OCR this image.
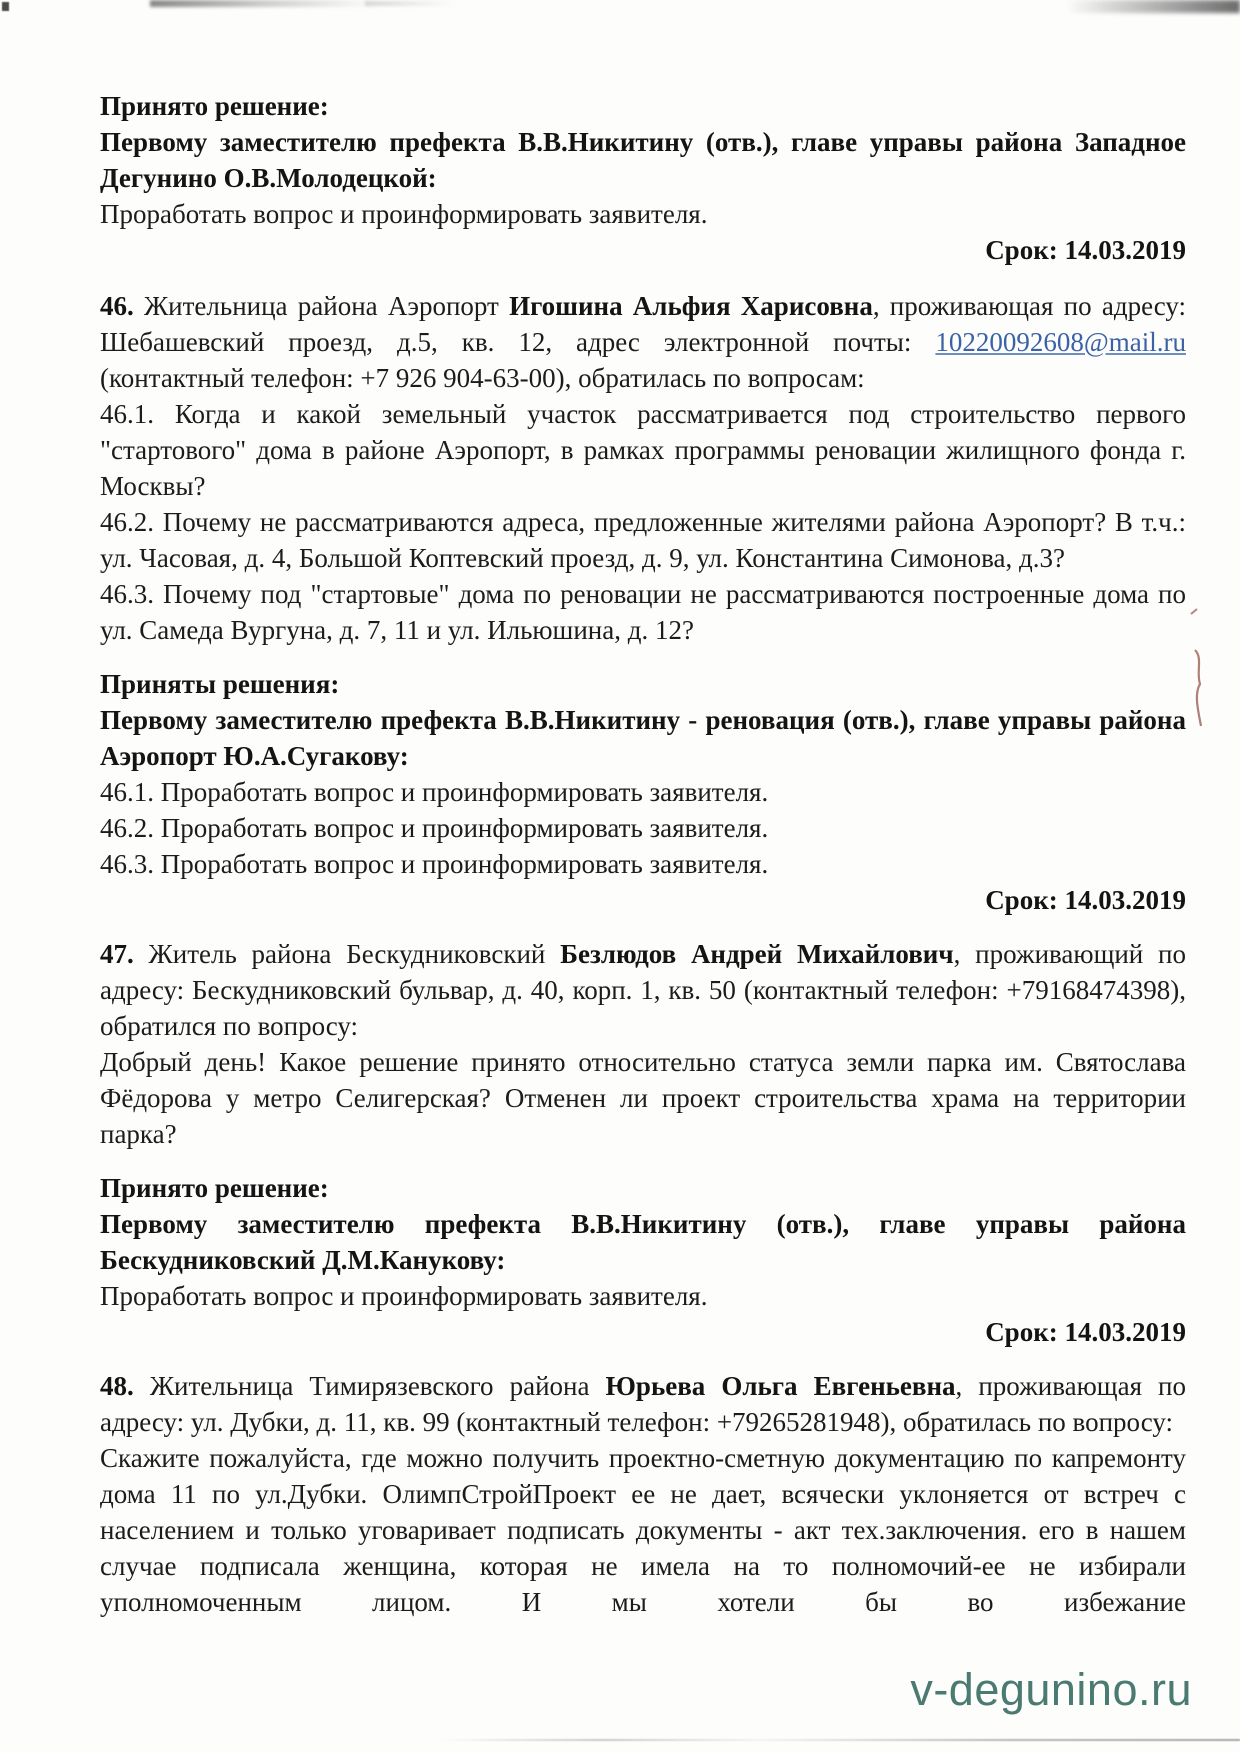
Принято решение:

Первому заместителю префекта В.В.Никитину (отв.), главе управы района Западное Дегунино О.В.Молодецкой:

Проработать вопрос и проинформировать заявителя.

Срок: 14.03.2019

46. Жительница района Аэропорт Игошина Альфия Харисовна, проживающая по адресу: Шебашевский проезд, д.5, кв. 12, адрес электронной почты: 10220092608@mail.ru (контактный телефон: +7 926 904-63-00), обратилась по вопросам:

46.1. Когда и какой земельный участок рассматривается под строительство первого "стартового" дома в районе Аэропорт, в рамках программы реновации жилищного фонда г. Москвы?

46.2. Почему не рассматриваются адреса, предложенные жителями района Аэропорт? В т.ч.: ул. Часовая, д. 4, Большой Коптевский проезд, д. 9, ул. Константина Симонова, д.3?

46.3. Почему под "стартовые" дома по реновации не рассматриваются построенные дома по ул. Самеда Вургуна, д. 7, 11 и ул. Ильюшина, д. 12?

Приняты решения:

Первому заместителю префекта В.В.Никитину - реновация (отв.), главе управы района Аэропорт Ю.А.Сугакову:

46.1. Проработать вопрос и проинформировать заявителя.

46.2. Проработать вопрос и проинформировать заявителя.

46.3. Проработать вопрос и проинформировать заявителя.

Срок: 14.03.2019

47. Житель района Бескудниковский Безлюдов Андрей Михайлович, проживающий по адресу: Бескудниковский бульвар, д. 40, корп. 1, кв. 50 (контактный телефон: +79168474398), обратился по вопросу:

Добрый день! Какое решение принято относительно статуса земли парка им. Святослава Фёдорова у метро Селигерская? Отменен ли проект строительства храма на территории парка?

Принято решение:

Первому заместителю префекта В.В.Никитину (отв.), главе управы района Бескудниковский Д.М.Канукову:

Проработать вопрос и проинформировать заявителя.

Срок: 14.03.2019

48. Жительница Тимирязевского района Юрьева Ольга Евгеньевна, проживающая по адресу: ул. Дубки, д. 11, кв. 99 (контактный телефон: +79265281948), обратилась по вопросу:

Скажите пожалуйста, где можно получить проектно-сметную документацию по капремонту дома 11 по ул.Дубки. ОлимпСтройПроект ее не дает, всячески уклоняется от встреч с населением и только уговаривает подписать документы - акт тех.заключения. его в нашем случае подписала женщина, которая не имела на то полномочий-ее не избирали уполномоченным лицом. И мы хотели бы во избежание

v-degunino.ru
